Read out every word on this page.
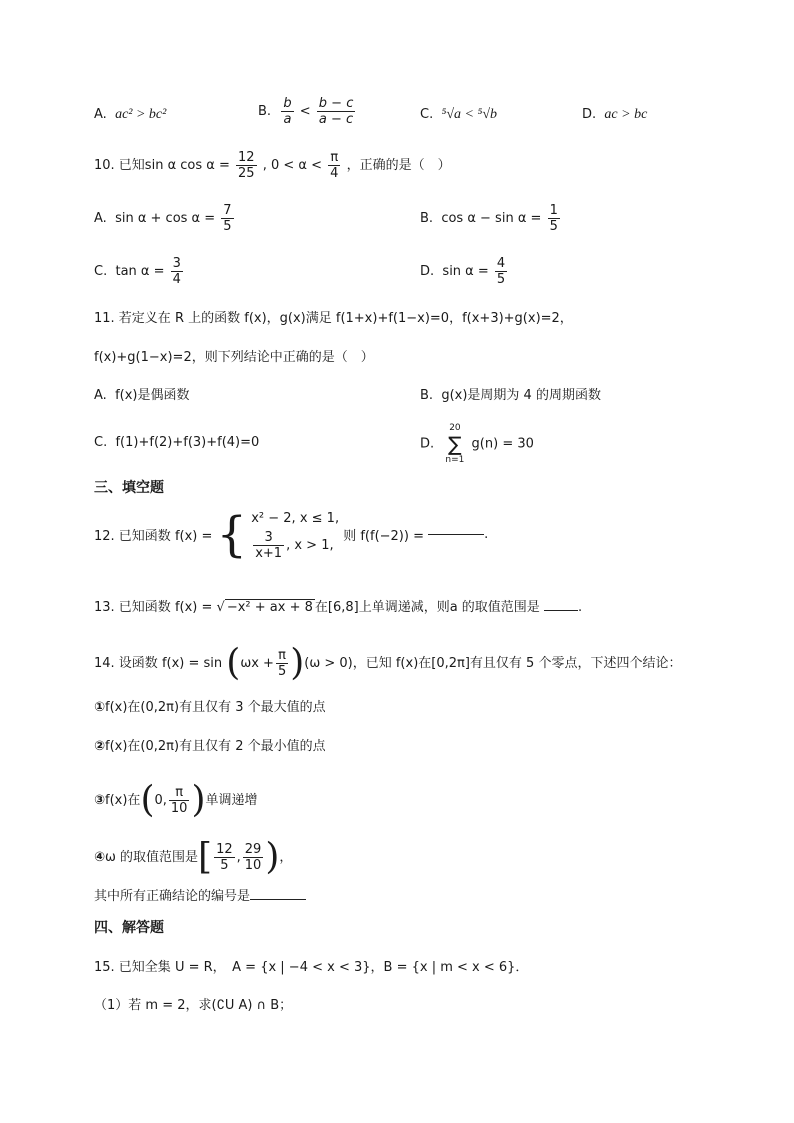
A. ac² > bc²	B. $\frac{b}{a} < \frac{b - c}{a - c}$	C. ⁵√a < ⁵√b	D. ac > bc
10. 已知sin α $\cos \alpha = \frac{12}{25}$ , $0 < \alpha < \frac{\pi}{4}$ ，正确的是（　）
A. $\sin \alpha + \cos \alpha = \frac{7}{5}$	B. $\cos \alpha - \sin \alpha = \frac{1}{5}$
C. $\tan \alpha = \frac{3}{4}$	D. $\sin \alpha = \frac{4}{5}$
11. 若定义在 R 上的函数 f(x)，g(x)满足 f(1+x)+f(1−x)=0，f(x+3)+g(x)=2，
f(x)+g(1−x)=2，则下列结论中正确的是（　）
A. f(x)是偶函数	B. g(x)是周期为 4 的周期函数
C. f(1)+f(2)+f(3)+f(4)=0	D.
20
∑
n=1
g(n) = 30
三、填空题
12. 已知函数 f(x) = { x² − 2, x ≤ 1,
$\frac{3}{x+1}$ , x > 1,
则 f(f(−2)) =	.
13. 已知函数 f(x) = √ −x² + ax + 8 在[6,8]上单调递减，则a 的取值范围是	.
14. 设函数 $f(x) = \sin (\omega x + \frac{\pi}{5} )(\omega > 0)$，已知 f(x)在[0,2π]有且仅有 5 个零点，下述四个结论：
①f(x)在(0,2π)有且仅有 3 个最大值的点
②f(x)在(0,2π)有且仅有 2 个最小值的点
③f(x)在(0, $\frac{\pi}{10}$ )单调递增
④ω 的取值范围是[ $\frac{12}{5}$ , $\frac{29}{10}$ )，
其中所有正确结论的编号是
四、解答题
15. 已知全集 U = R，　A = {x | −4 < x < 3}，B = {x | m < x < 6}．
（1）若 m = 2，求(∁U A) ∩ B；
